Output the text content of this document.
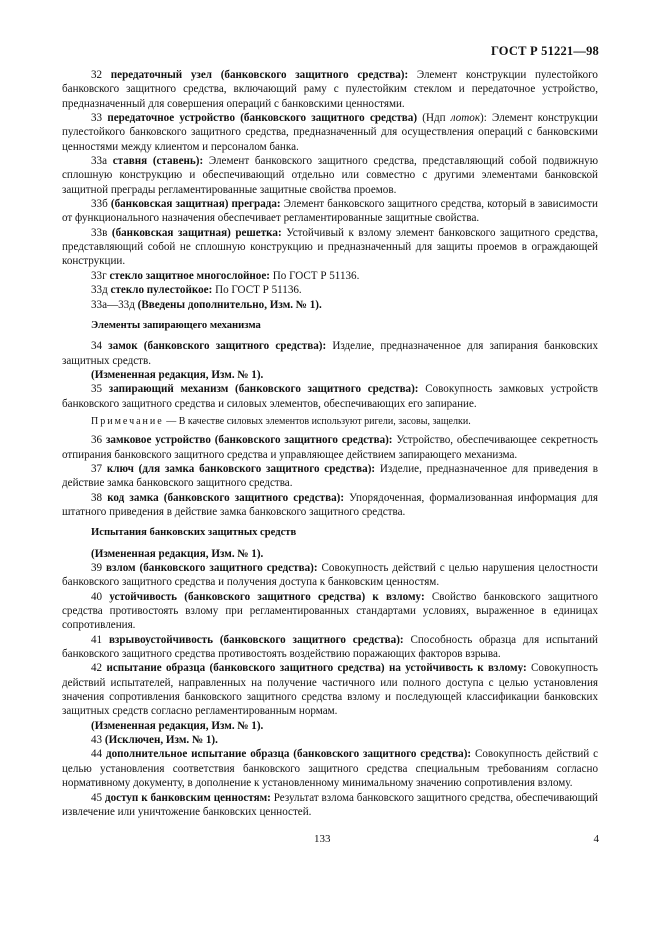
ГОСТ Р 51221—98

32 передаточный узел (банковского защитного средства): Элемент конструкции пулестойкого банковского защитного средства, включающий раму с пулестойким стеклом и передаточное устройство, предназначенный для совершения операций с банковскими ценностями.

33 передаточное устройство (банковского защитного средства) (Ндп лоток): Элемент конструкции пулестойкого банковского защитного средства, предназначенный для осуществления операций с банковскими ценностями между клиентом и персоналом банка.

33а ставня (ставень): Элемент банковского защитного средства, представляющий собой подвижную сплошную конструкцию и обеспечивающий отдельно или совместно с другими элементами банковской защитной преграды регламентированные защитные свойства проемов.

33б (банковская защитная) преграда: Элемент банковского защитного средства, который в зависимости от функционального назначения обеспечивает регламентированные защитные свойства.

33в (банковская защитная) решетка: Устойчивый к взлому элемент банковского защитного средства, представляющий собой не сплошную конструкцию и предназначенный для защиты проемов в ограждающей конструкции.

33г стекло защитное многослойное: По ГОСТ Р 51136.

33д стекло пулестойкое: По ГОСТ Р 51136.

33а—33д (Введены дополнительно, Изм. № 1).

Элементы запирающего механизма

34 замок (банковского защитного средства): Изделие, предназначенное для запирания банковских защитных средств.

(Измененная редакция, Изм. № 1).

35 запирающий механизм (банковского защитного средства): Совокупность замковых устройств банковского защитного средства и силовых элементов, обеспечивающих его запирание.

Примечание — В качестве силовых элементов используют ригели, засовы, защелки.

36 замковое устройство (банковского защитного средства): Устройство, обеспечивающее секретность отпирания банковского защитного средства и управляющее действием запирающего механизма.

37 ключ (для замка банковского защитного средства): Изделие, предназначенное для приведения в действие замка банковского защитного средства.

38 код замка (банковского защитного средства): Упорядоченная, формализованная информация для штатного приведения в действие замка банковского защитного средства.

Испытания банковских защитных средств

(Измененная редакция, Изм. № 1).

39 взлом (банковского защитного средства): Совокупность действий с целью нарушения целостности банковского защитного средства и получения доступа к банковским ценностям.

40 устойчивость (банковского защитного средства) к взлому: Свойство банковского защитного средства противостоять взлому при регламентированных стандартами условиях, выраженное в единицах сопротивления.

41 взрывоустойчивость (банковского защитного средства): Способность образца для испытаний банковского защитного средства противостоять воздействию поражающих факторов взрыва.

42 испытание образца (банковского защитного средства) на устойчивость к взлому: Совокупность действий испытателей, направленных на получение частичного или полного доступа с целью установления значения сопротивления банковского защитного средства взлому и последующей классификации банковских защитных средств согласно регламентированным нормам.

(Измененная редакция, Изм. № 1).

43 (Исключен, Изм. № 1).

44 дополнительное испытание образца (банковского защитного средства): Совокупность действий с целью установления соответствия банковского защитного средства специальным требованиям согласно нормативному документу, в дополнение к установленному минимальному значению сопротивления взлому.

45 доступ к банковским ценностям: Результат взлома банковского защитного средства, обеспечивающий извлечение или уничтожение банковских ценностей.

133	4
